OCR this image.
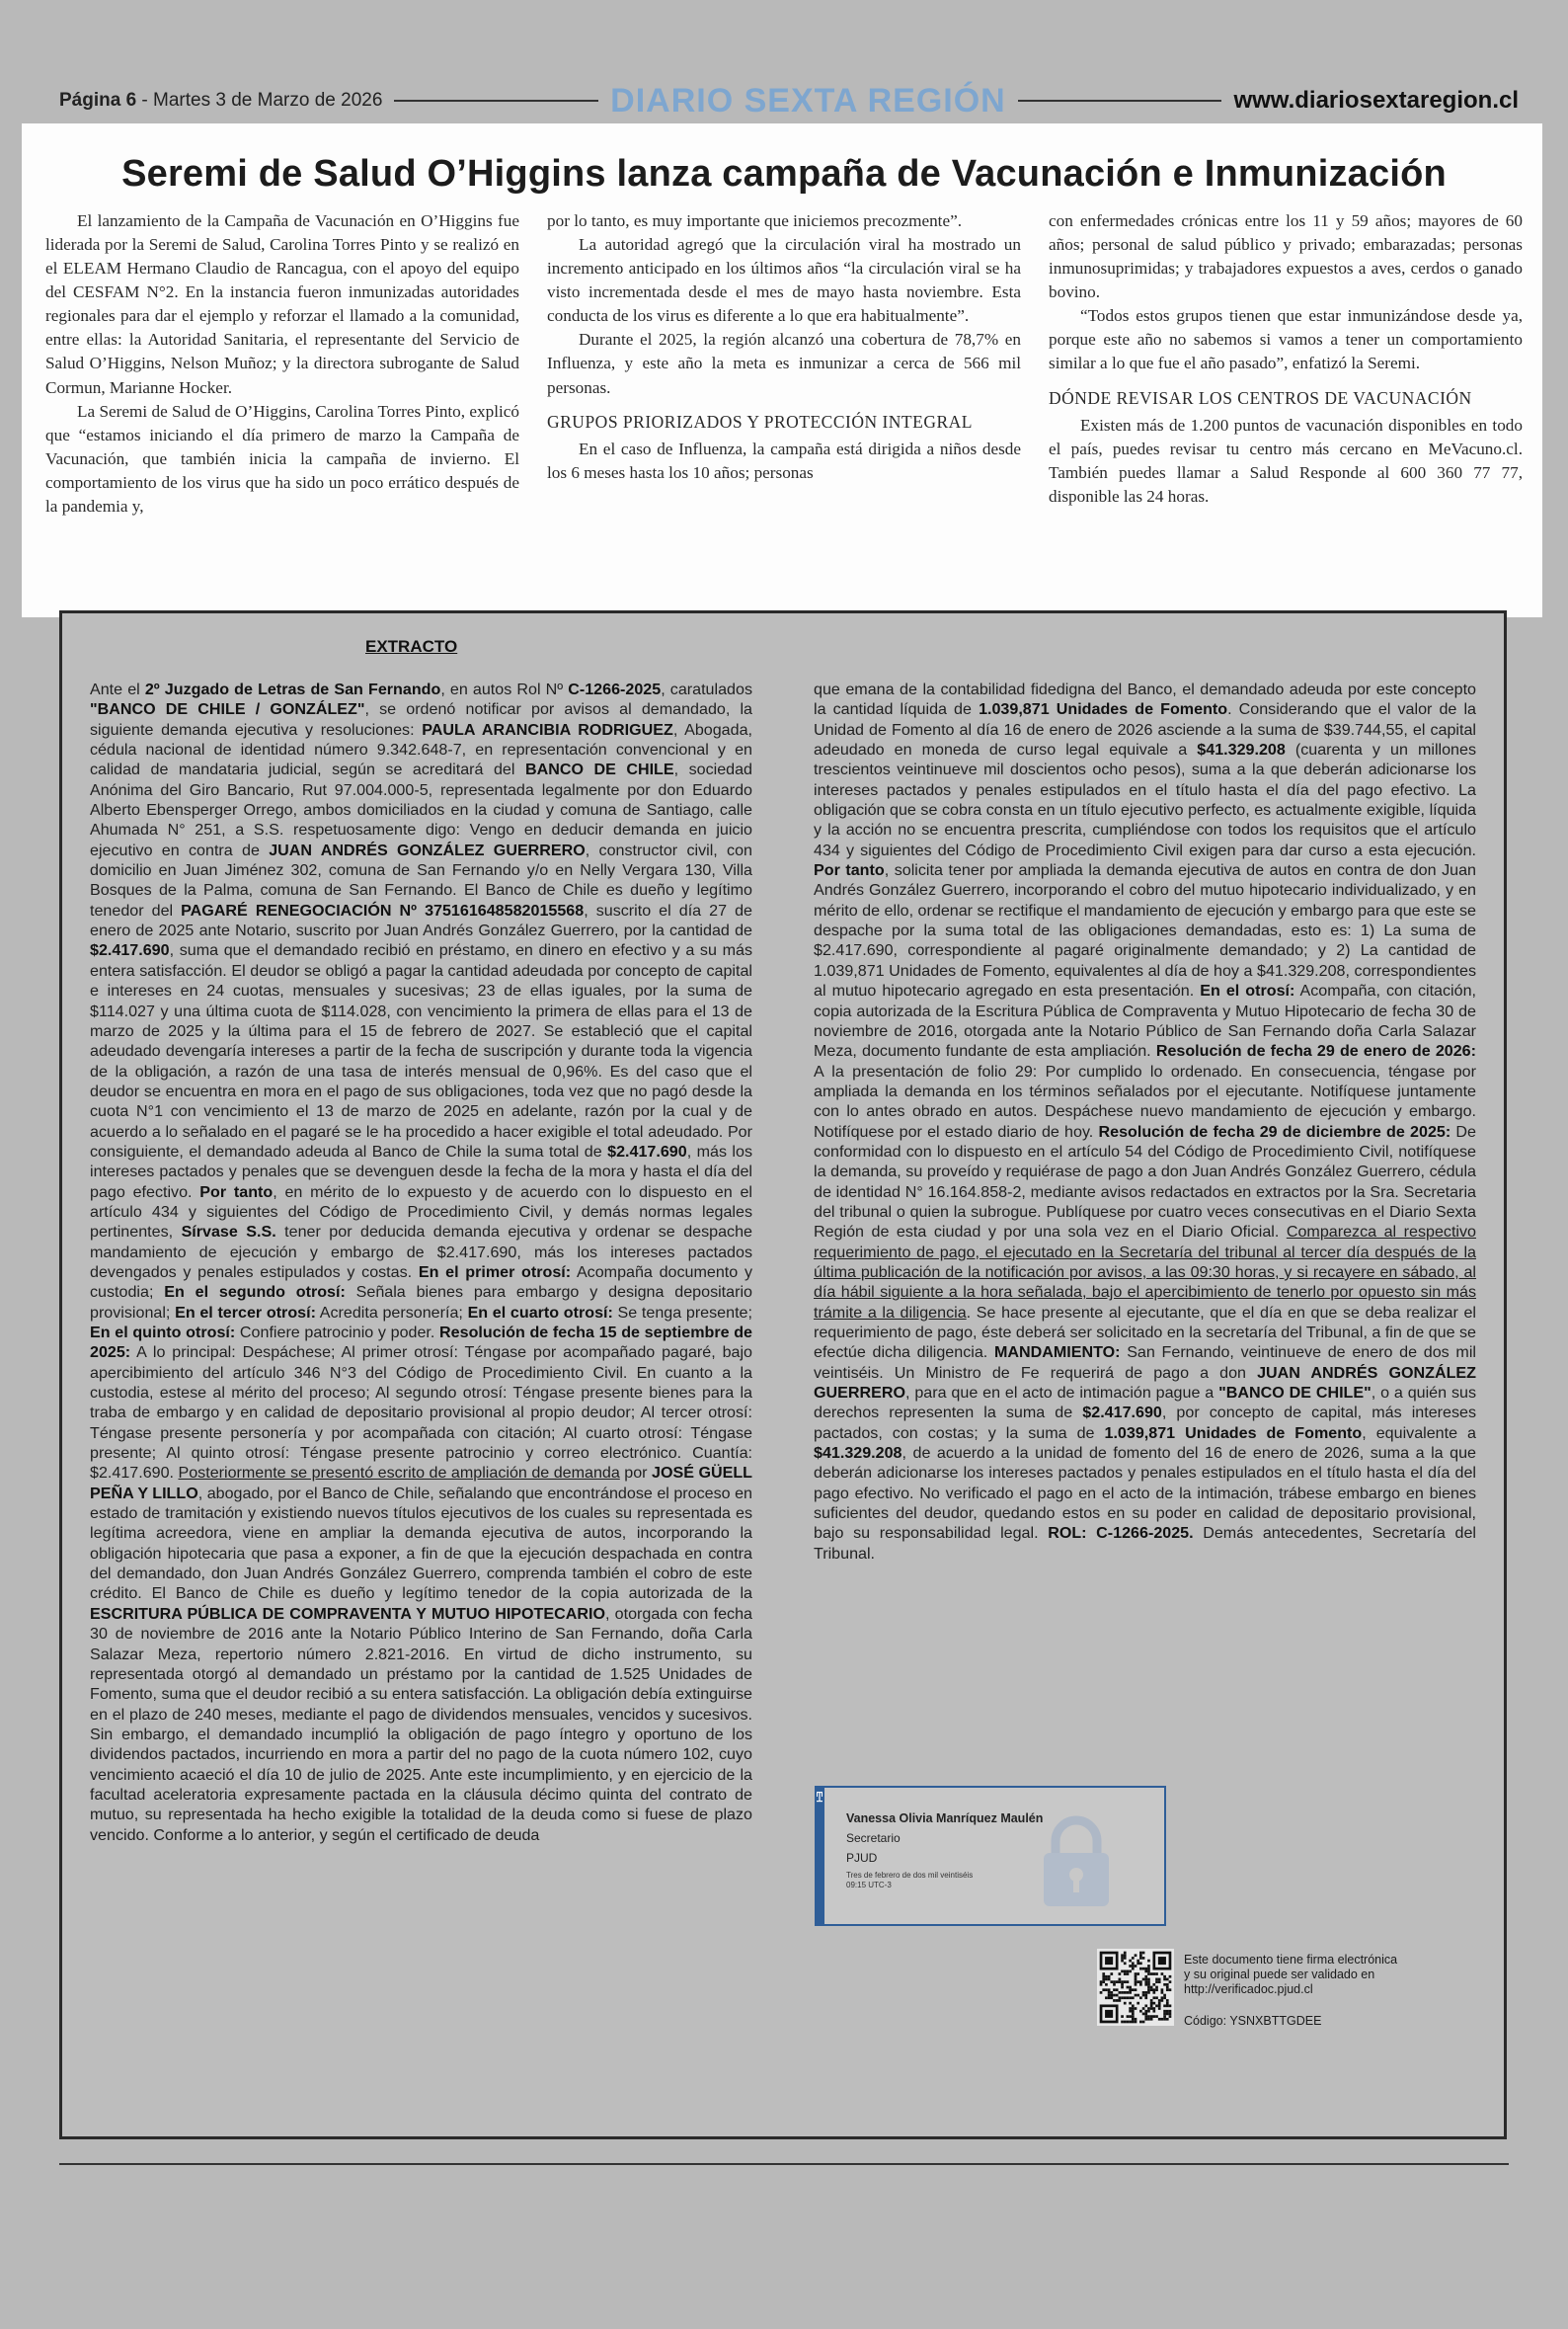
Página 6 - Martes 3 de Marzo de 2026	DIARIO SEXTA REGIÓN	www.diariosextaregion.cl
Seremi de Salud O’Higgins lanza campaña de Vacunación e Inmunización

El lanzamiento de la Campaña de Vacunación en O’Higgins fue liderada por la Seremi de Salud, Carolina Torres Pinto y se realizó en el ELEAM Hermano Claudio de Rancagua, con el apoyo del equipo del CESFAM N°2. En la instancia fueron inmunizadas autoridades regionales para dar el ejemplo y reforzar el llamado a la comunidad, entre ellas: la Autoridad Sanitaria, el representante del Servicio de Salud O’Higgins, Nelson Muñoz; y la directora subrogante de Salud Cormun, Marianne Hocker.

La Seremi de Salud de O’Higgins, Carolina Torres Pinto, explicó que “estamos iniciando el día primero de marzo la Campaña de Vacunación, que también inicia la campaña de invierno. El comportamiento de los virus que ha sido un poco errático después de la pandemia y,

por lo tanto, es muy importante que iniciemos precozmente”.

La autoridad agregó que la circulación viral ha mostrado un incremento anticipado en los últimos años “la circulación viral se ha visto incrementada desde el mes de mayo hasta noviembre. Esta conducta de los virus es diferente a lo que era habitualmente”.

Durante el 2025, la región alcanzó una cobertura de 78,7% en Influenza, y este año la meta es inmunizar a cerca de 566 mil personas.

GRUPOS PRIORIZADOS Y PROTECCIÓN INTEGRAL

En el caso de Influenza, la campaña está dirigida a niños desde los 6 meses hasta los 10 años; personas

con enfermedades crónicas entre los 11 y 59 años; mayores de 60 años; personal de salud público y privado; embarazadas; personas inmunosuprimidas; y trabajadores expuestos a aves, cerdos o ganado bovino.

“Todos estos grupos tienen que estar inmunizándose desde ya, porque este año no sabemos si vamos a tener un comportamiento similar a lo que fue el año pasado”, enfatizó la Seremi.

DÓNDE REVISAR LOS CENTROS DE VACUNACIÓN

Existen más de 1.200 puntos de vacunación disponibles en todo el país, puedes revisar tu centro más cercano en MeVacuno.cl. También puedes llamar a Salud Responde al 600 360 77 77, disponible las 24 horas.

EXTRACTO
Ante el 2º Juzgado de Letras de San Fernando, en autos Rol Nº C-1266-2025, caratulados "BANCO DE CHILE / GONZÁLEZ", se ordenó notificar por avisos al demandado, la siguiente demanda ejecutiva y resoluciones: PAULA ARANCIBIA RODRIGUEZ, Abogada, cédula nacional de identidad número 9.342.648-7, en representación convencional y en calidad de mandataria judicial, según se acreditará del BANCO DE CHILE, sociedad Anónima del Giro Bancario, Rut 97.004.000-5, representada legalmente por don Eduardo Alberto Ebensperger Orrego, ambos domiciliados en la ciudad y comuna de Santiago, calle Ahumada N° 251, a S.S. respetuosamente digo: Vengo en deducir demanda en juicio ejecutivo en contra de JUAN ANDRÉS GONZÁLEZ GUERRERO, constructor civil, con domicilio en Juan Jiménez 302, comuna de San Fernando y/o en Nelly Vergara 130, Villa Bosques de la Palma, comuna de San Fernando. El Banco de Chile es dueño y legítimo tenedor del PAGARÉ RENEGOCIACIÓN Nº 375161648582015568, suscrito el día 27 de enero de 2025 ante Notario, suscrito por Juan Andrés González Guerrero, por la cantidad de $2.417.690, suma que el demandado recibió en préstamo, en dinero en efectivo y a su más entera satisfacción. El deudor se obligó a pagar la cantidad adeudada por concepto de capital e intereses en 24 cuotas, mensuales y sucesivas; 23 de ellas iguales, por la suma de $114.027 y una última cuota de $114.028, con vencimiento la primera de ellas para el 13 de marzo de 2025 y la última para el 15 de febrero de 2027. Se estableció que el capital adeudado devengaría intereses a partir de la fecha de suscripción y durante toda la vigencia de la obligación, a razón de una tasa de interés mensual de 0,96%. Es del caso que el deudor se encuentra en mora en el pago de sus obligaciones, toda vez que no pagó desde la cuota N°1 con vencimiento el 13 de marzo de 2025 en adelante, razón por la cual y de acuerdo a lo señalado en el pagaré se le ha procedido a hacer exigible el total adeudado. Por consiguiente, el demandado adeuda al Banco de Chile la suma total de $2.417.690, más los intereses pactados y penales que se devenguen desde la fecha de la mora y hasta el día del pago efectivo. Por tanto, en mérito de lo expuesto y de acuerdo con lo dispuesto en el artículo 434 y siguientes del Código de Procedimiento Civil, y demás normas legales pertinentes, Sírvase S.S. tener por deducida demanda ejecutiva y ordenar se despache mandamiento de ejecución y embargo de $2.417.690, más los intereses pactados devengados y penales estipulados y costas. En el primer otrosí: Acompaña documento y custodia; En el segundo otrosí: Señala bienes para embargo y designa depositario provisional; En el tercer otrosí: Acredita personería; En el cuarto otrosí: Se tenga presente; En el quinto otrosí: Confiere patrocinio y poder. Resolución de fecha 15 de septiembre de 2025: A lo principal: Despáchese; Al primer otrosí: Téngase por acompañado pagaré, bajo apercibimiento del artículo 346 N°3 del Código de Procedimiento Civil. En cuanto a la custodia, estese al mérito del proceso; Al segundo otrosí: Téngase presente bienes para la traba de embargo y en calidad de depositario provisional al propio deudor; Al tercer otrosí: Téngase presente personería y por acompañada con citación; Al cuarto otrosí: Téngase presente; Al quinto otrosí: Téngase presente patrocinio y correo electrónico. Cuantía: $2.417.690. Posteriormente se presentó escrito de ampliación de demanda por JOSÉ GÜELL PEÑA Y LILLO, abogado, por el Banco de Chile, señalando que encontrándose el proceso en estado de tramitación y existiendo nuevos títulos ejecutivos de los cuales su representada es legítima acreedora, viene en ampliar la demanda ejecutiva de autos, incorporando la obligación hipotecaria que pasa a exponer, a fin de que la ejecución despachada en contra del demandado, don Juan Andrés González Guerrero, comprenda también el cobro de este crédito. El Banco de Chile es dueño y legítimo tenedor de la copia autorizada de la ESCRITURA PÚBLICA DE COMPRAVENTA Y MUTUO HIPOTECARIO, otorgada con fecha 30 de noviembre de 2016 ante la Notario Público Interino de San Fernando, doña Carla Salazar Meza, repertorio número 2.821-2016. En virtud de dicho instrumento, su representada otorgó al demandado un préstamo por la cantidad de 1.525 Unidades de Fomento, suma que el deudor recibió a su entera satisfacción. La obligación debía extinguirse en el plazo de 240 meses, mediante el pago de dividendos mensuales, vencidos y sucesivos. Sin embargo, el demandado incumplió la obligación de pago íntegro y oportuno de los dividendos pactados, incurriendo en mora a partir del no pago de la cuota número 102, cuyo vencimiento acaeció el día 10 de julio de 2025. Ante este incumplimiento, y en ejercicio de la facultad aceleratoria expresamente pactada en la cláusula décimo quinta del contrato de mutuo, su representada ha hecho exigible la totalidad de la deuda como si fuese de plazo vencido. Conforme a lo anterior, y según el certificado de deuda
que emana de la contabilidad fidedigna del Banco, el demandado adeuda por este concepto la cantidad líquida de 1.039,871 Unidades de Fomento. Considerando que el valor de la Unidad de Fomento al día 16 de enero de 2026 asciende a la suma de $39.744,55, el capital adeudado en moneda de curso legal equivale a $41.329.208 (cuarenta y un millones trescientos veintinueve mil doscientos ocho pesos), suma a la que deberán adicionarse los intereses pactados y penales estipulados en el título hasta el día del pago efectivo. La obligación que se cobra consta en un título ejecutivo perfecto, es actualmente exigible, líquida y la acción no se encuentra prescrita, cumpliéndose con todos los requisitos que el artículo 434 y siguientes del Código de Procedimiento Civil exigen para dar curso a esta ejecución. Por tanto, solicita tener por ampliada la demanda ejecutiva de autos en contra de don Juan Andrés González Guerrero, incorporando el cobro del mutuo hipotecario individualizado, y en mérito de ello, ordenar se rectifique el mandamiento de ejecución y embargo para que este se despache por la suma total de las obligaciones demandadas, esto es: 1) La suma de $2.417.690, correspondiente al pagaré originalmente demandado; y 2) La cantidad de 1.039,871 Unidades de Fomento, equivalentes al día de hoy a $41.329.208, correspondientes al mutuo hipotecario agregado en esta presentación. En el otrosí: Acompaña, con citación, copia autorizada de la Escritura Pública de Compraventa y Mutuo Hipotecario de fecha 30 de noviembre de 2016, otorgada ante la Notario Público de San Fernando doña Carla Salazar Meza, documento fundante de esta ampliación. Resolución de fecha 29 de enero de 2026: A la presentación de folio 29: Por cumplido lo ordenado. En consecuencia, téngase por ampliada la demanda en los términos señalados por el ejecutante. Notifíquese juntamente con lo antes obrado en autos. Despáchese nuevo mandamiento de ejecución y embargo. Notifíquese por el estado diario de hoy. Resolución de fecha 29 de diciembre de 2025: De conformidad con lo dispuesto en el artículo 54 del Código de Procedimiento Civil, notifíquese la demanda, su proveído y requiérase de pago a don Juan Andrés González Guerrero, cédula de identidad N° 16.164.858-2, mediante avisos redactados en extractos por la Sra. Secretaria del tribunal o quien la subrogue. Publíquese por cuatro veces consecutivas en el Diario Sexta Región de esta ciudad y por una sola vez en el Diario Oficial. Comparezca al respectivo requerimiento de pago, el ejecutado en la Secretaría del tribunal al tercer día después de la última publicación de la notificación por avisos, a las 09:30 horas, y si recayere en sábado, al día hábil siguiente a la hora señalada, bajo el apercibimiento de tenerlo por opuesto sin más trámite a la diligencia. Se hace presente al ejecutante, que el día en que se deba realizar el requerimiento de pago, éste deberá ser solicitado en la secretaría del Tribunal, a fin de que se efectúe dicha diligencia. MANDAMIENTO: San Fernando, veintinueve de enero de dos mil veintiséis. Un Ministro de Fe requerirá de pago a don JUAN ANDRÉS GONZÁLEZ GUERRERO, para que en el acto de intimación pague a "BANCO DE CHILE", o a quién sus derechos representen la suma de $2.417.690, por concepto de capital, más intereses pactados, con costas; y la suma de 1.039,871 Unidades de Fomento, equivalente a $41.329.208, de acuerdo a la unidad de fomento del 16 de enero de 2026, suma a la que deberán adicionarse los intereses pactados y penales estipulados en el título hasta el día del pago efectivo. No verificado el pago en el acto de la intimación, trábese embargo en bienes suficientes del deudor, quedando estos en su poder en calidad de depositario provisional, bajo su responsabilidad legal. ROL: C-1266-2025. Demás antecedentes, Secretaría del Tribunal.
Vanessa Olivia Manríquez Maulén
Secretario
PJUD
Tres de febrero de dos mil veintiséis
09:15 UTC-3
Este documento tiene firma electrónica
y su original puede ser validado en
http://verificadoc.pjud.cl
Código: YSNXBTTGDEE
